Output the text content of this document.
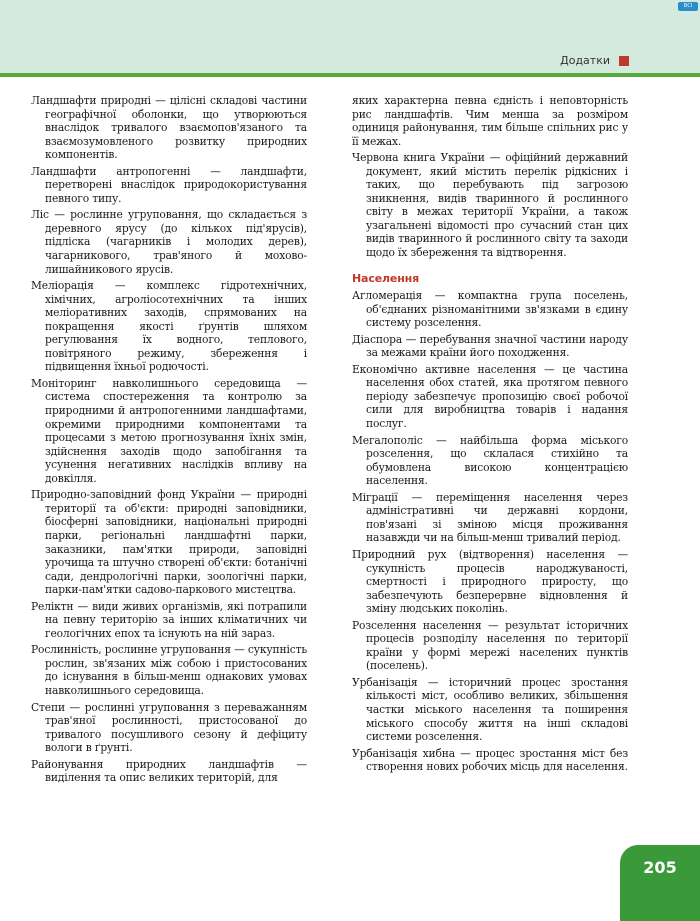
ВСІ
Додатки

Ландшафти природні — цілісні складові частини географічної оболонки, що утворюються внаслідок тривалого взаємопов'язаного та взаємозумовленого розвитку природних компонентів.

Ландшафти антропогенні — ландшафти, перетворені внаслідок природокористування певного типу.

Ліс — рослинне угруповання, що складається з деревного ярусу (до кількох під'ярусів), підліска (чагарників і молодих дерев), чагарникового, трав'яного й мохово-лишайникового ярусів.

Меліорація — комплекс гідротехнічних, хімічних, агроліосотехнічних та інших меліоративних заходів, спрямованих на покращення якості ґрунтів шляхом регулювання їх водного, теплового, повітряного режиму, збереження і підвищення їхньої родючості.

Моніторинг навколишнього середовища — система спостереження та контролю за природними й антропогенними ландшафтами, окремими природними компонентами та процесами з метою прогнозування їхніх змін, здійснення заходів щодо запобігання та усунення негативних наслідків впливу на довкілля.

Природно-заповідний фонд України — природні території та об'єкти: природні заповідники, біосферні заповідники, національні природні парки, регіональні ландшафтні парки, заказники, пам'ятки природи, заповідні урочища та штучно створені об'єкти: ботанічні сади, дендрологічні парки, зоологічні парки, парки-пам'ятки садово-паркового мистецтва.

Реліктн — види живих організмів, які потрапили на певну територію за інших кліматичних чи геологічних епох та існують на ній зараз.

Рослинність, рослинне угруповання — сукупність рослин, зв'язаних між собою і пристосованих до існування в більш-менш однакових умовах навколишнього середовища.

Степи — рослинні угруповання з переважанням трав'яної рослинності, пристосованої до тривалого посушливого сезону й дефіциту вологи в ґрунті.

Районування природних ландшафтів — виділення та опис великих територій, для

яких характерна певна єдність і неповторність рис ландшафтів. Чим менша за розміром одиниця районування, тим більше спільних рис у її межах.

Червона книга України — офіційний державний документ, який містить перелік рідкісних і таких, що перебувають під загрозою зникнення, видів тваринного й рослинного світу в межах території України, а також узагальнені відомості про сучасний стан цих видів тваринного й рослинного світу та заходи щодо їх збереження та відтворення.

Населення

Агломерація — компактна група поселень, об'єднаних різноманітними зв'язками в єдину систему розселення.

Діаспора — перебування значної частини народу за межами країни його походження.

Економічно активне населення — це частина населення обох статей, яка протягом певного періоду забезпечує пропозицію своєї робочої сили для виробництва товарів і надання послуг.

Мегалополіс — найбільша форма міського розселення, що склалася стихійно та обумовлена високою концентрацією населення.

Міграції — переміщення населення через адміністративні чи державні кордони, пов'язані зі зміною місця проживання назавжди чи на більш-менш тривалий період.

Природний рух (відтворення) населення — сукупність процесів народжуваності, смертності і природного приросту, що забезпечують безперервне відновлення й зміну людських поколінь.

Розселення населення — результат історичних процесів розподілу населення по території країни у формі мережі населених пунктів (поселень).

Урбанізація — історичний процес зростання кількості міст, особливо великих, збільшення частки міського населення та поширення міського способу життя на інші складові системи розселення.

Урбанізація хибна — процес зростання міст без створення нових робочих місць для населення.

205
